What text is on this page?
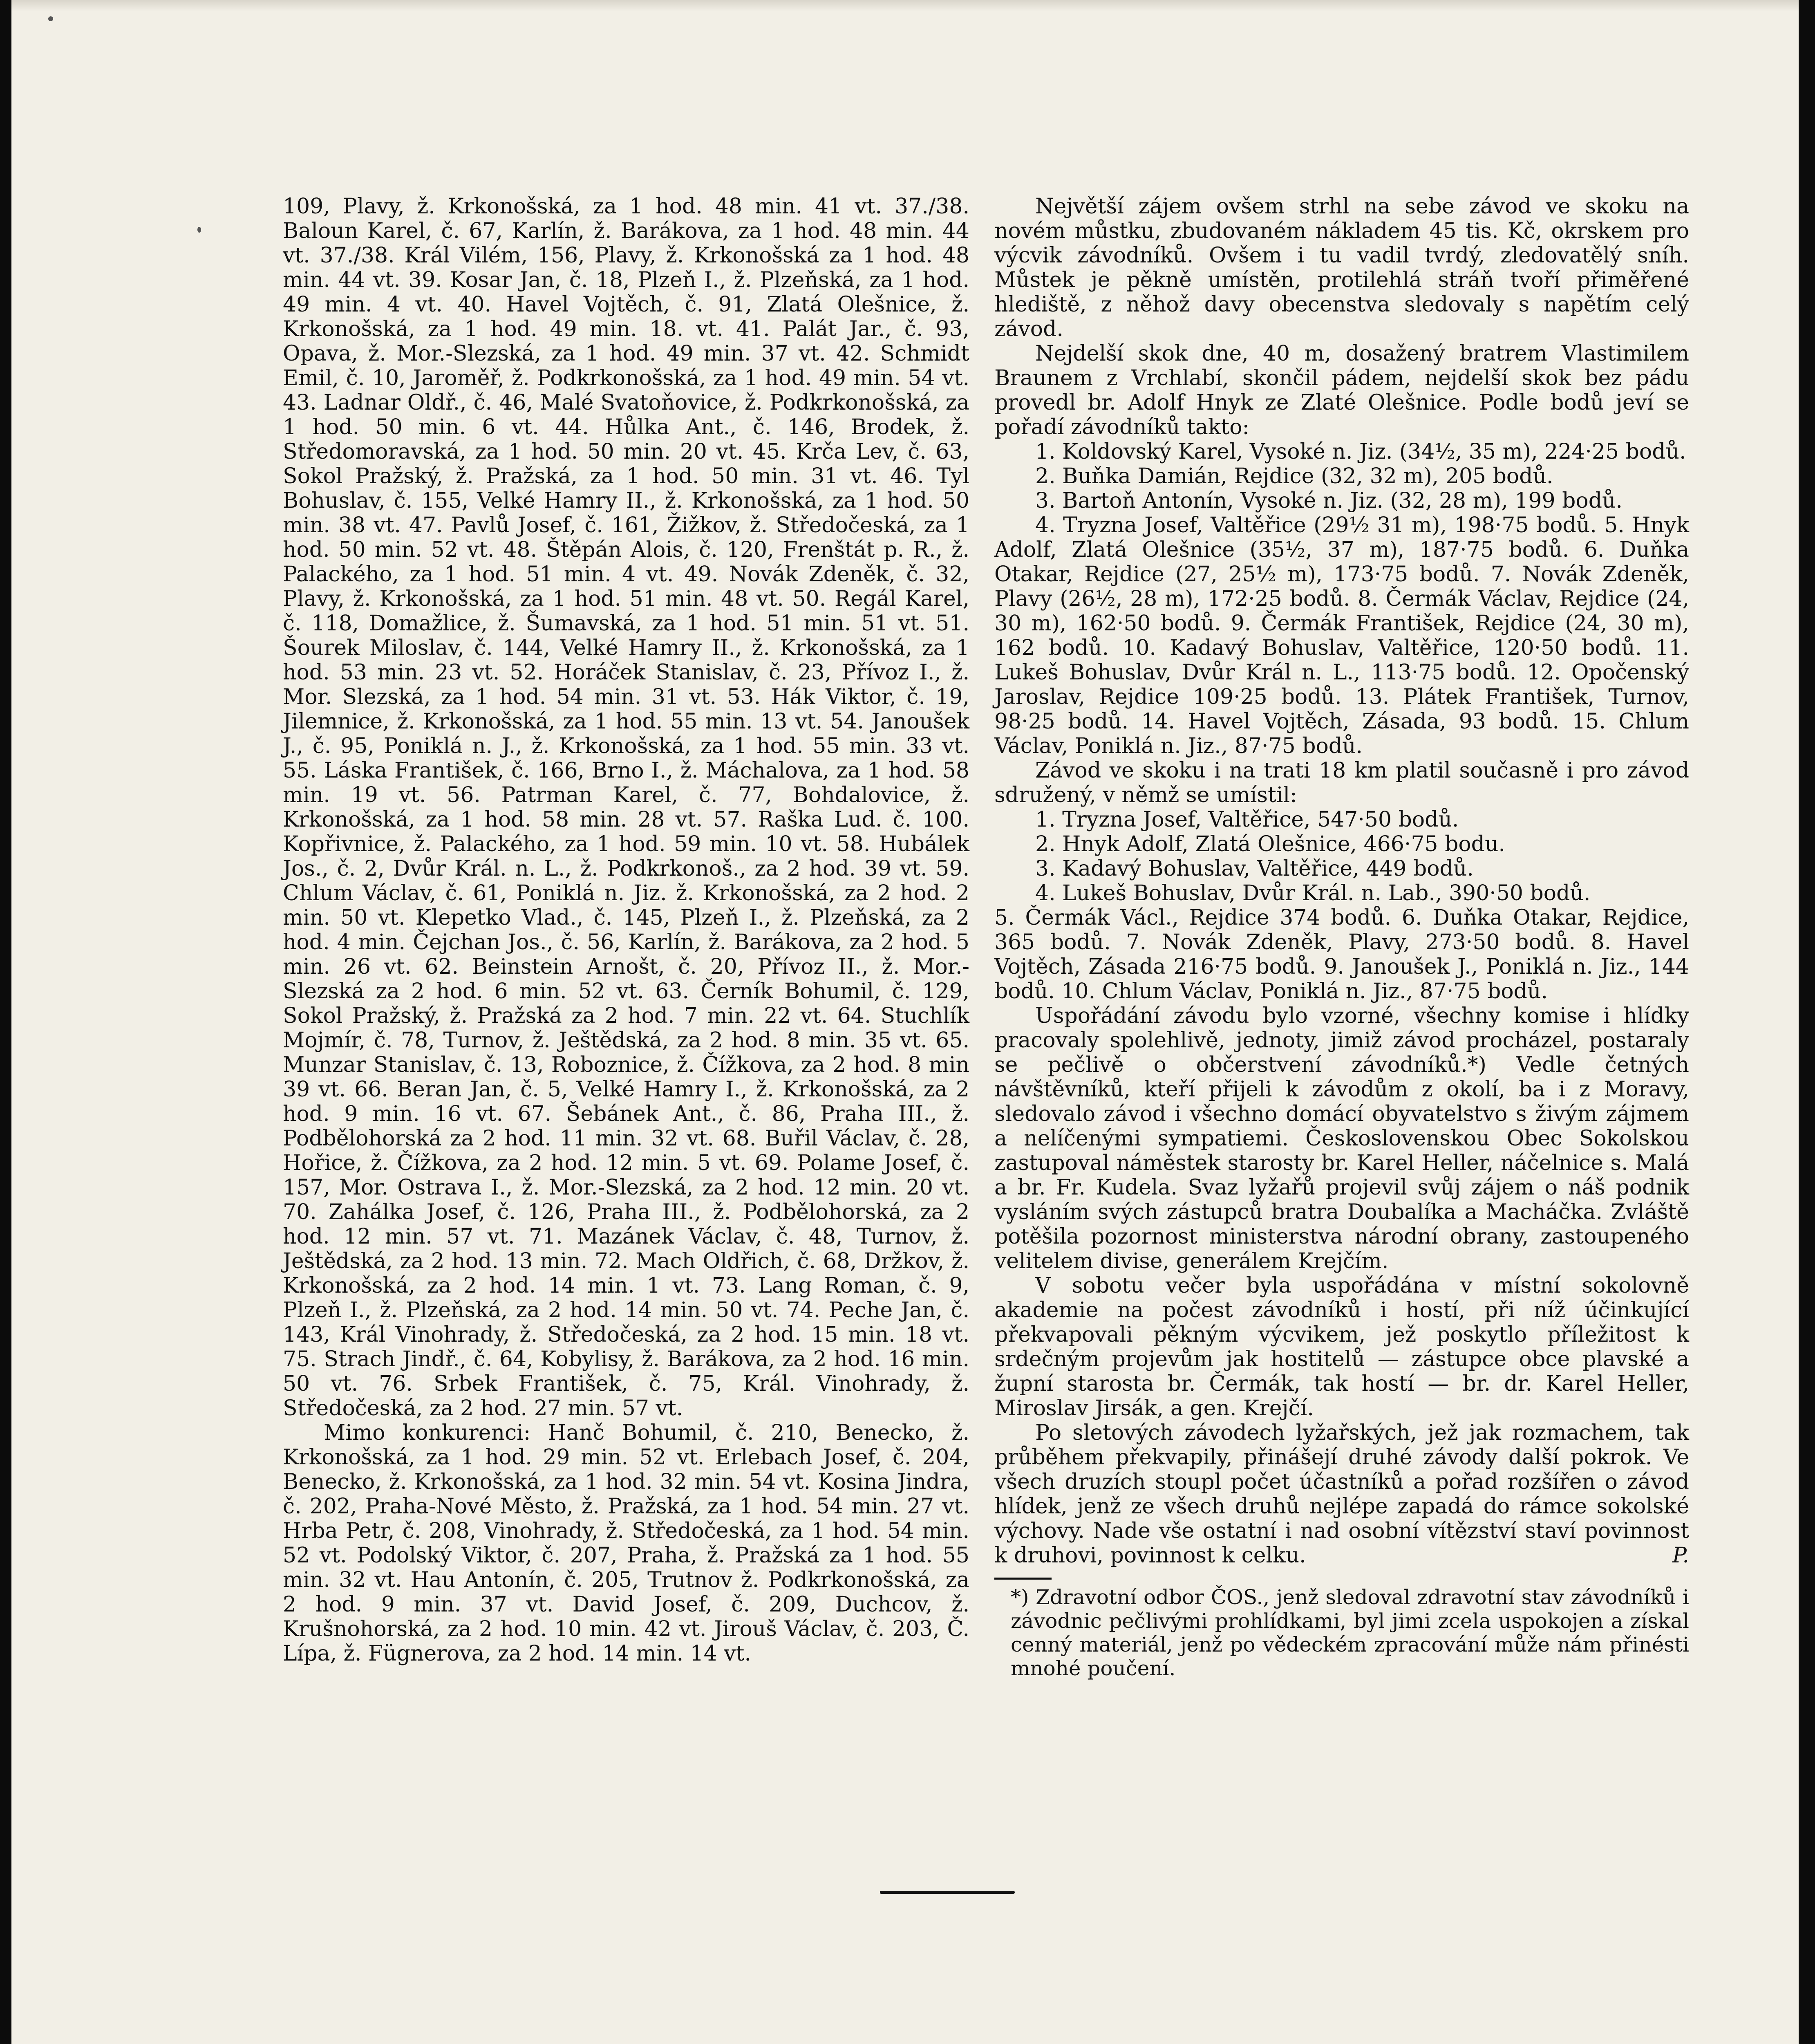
109, Plavy, ž. Krkonošská, za 1 hod. 48 min. 41 vt. 37./38. Baloun Karel, č. 67, Karlín, ž. Barákova, za 1 hod. 48 min. 44 vt. 37./38. Král Vilém, 156, Plavy, ž. Krkonošská za 1 hod. 48 min. 44 vt. 39. Kosar Jan, č. 18, Plzeň I., ž. Plzeňská, za 1 hod. 49 min. 4 vt. 40. Havel Vojtěch, č. 91, Zlatá Olešnice, ž. Krkonošská, za 1 hod. 49 min. 18. vt. 41. Palát Jar., č. 93, Opava, ž. Mor.-Slezská, za 1 hod. 49 min. 37 vt. 42. Schmidt Emil, č. 10, Jaroměř, ž. Podkrkonošská, za 1 hod. 49 min. 54 vt. 43. Ladnar Oldř., č. 46, Malé Svatoňovice, ž. Podkrkonošská, za 1 hod. 50 min. 6 vt. 44. Hůlka Ant., č. 146, Brodek, ž. Středomoravská, za 1 hod. 50 min. 20 vt. 45. Krča Lev, č. 63, Sokol Pražský, ž. Pražská, za 1 hod. 50 min. 31 vt. 46. Tyl Bohuslav, č. 155, Velké Hamry II., ž. Krkonošská, za 1 hod. 50 min. 38 vt. 47. Pavlů Josef, č. 161, Žižkov, ž. Středočeská, za 1 hod. 50 min. 52 vt. 48. Štěpán Alois, č. 120, Frenštát p. R., ž. Palackého, za 1 hod. 51 min. 4 vt. 49. Novák Zdeněk, č. 32, Plavy, ž. Krkonošská, za 1 hod. 51 min. 48 vt. 50. Regál Karel, č. 118, Domažlice, ž. Šumavská, za 1 hod. 51 min. 51 vt. 51. Šourek Miloslav, č. 144, Velké Hamry II., ž. Krkonošská, za 1 hod. 53 min. 23 vt. 52. Horáček Stanislav, č. 23, Přívoz I., ž. Mor. Slezská, za 1 hod. 54 min. 31 vt. 53. Hák Viktor, č. 19, Jilemnice, ž. Krkonošská, za 1 hod. 55 min. 13 vt. 54. Janoušek J., č. 95, Poniklá n. J., ž. Krkonošská, za 1 hod. 55 min. 33 vt. 55. Láska František, č. 166, Brno I., ž. Máchalova, za 1 hod. 58 min. 19 vt. 56. Patrman Karel, č. 77, Bohdalovice, ž. Krkonošská, za 1 hod. 58 min. 28 vt. 57. Raška Lud. č. 100. Kopřivnice, ž. Palackého, za 1 hod. 59 min. 10 vt. 58. Hubálek Jos., č. 2, Dvůr Král. n. L., ž. Podkrkonoš., za 2 hod. 39 vt. 59. Chlum Václav, č. 61, Poniklá n. Jiz. ž. Krkonošská, za 2 hod. 2 min. 50 vt. Klepetko Vlad., č. 145, Plzeň I., ž. Plzeňská, za 2 hod. 4 min. Čejchan Jos., č. 56, Karlín, ž. Barákova, za 2 hod. 5 min. 26 vt. 62. Beinstein Arnošt, č. 20, Přívoz II., ž. Mor.-Slezská za 2 hod. 6 min. 52 vt. 63. Černík Bohumil, č. 129, Sokol Pražský, ž. Pražská za 2 hod. 7 min. 22 vt. 64. Stuchlík Mojmír, č. 78, Turnov, ž. Ještědská, za 2 hod. 8 min. 35 vt. 65. Munzar Stanislav, č. 13, Roboznice, ž. Čížkova, za 2 hod. 8 min 39 vt. 66. Beran Jan, č. 5, Velké Hamry I., ž. Krkonošská, za 2 hod. 9 min. 16 vt. 67. Šebánek Ant., č. 86, Praha III., ž. Podbělohorská za 2 hod. 11 min. 32 vt. 68. Buřil Václav, č. 28, Hořice, ž. Čížkova, za 2 hod. 12 min. 5 vt. 69. Polame Josef, č. 157, Mor. Ostrava I., ž. Mor.-Slezská, za 2 hod. 12 min. 20 vt. 70. Zahálka Josef, č. 126, Praha III., ž. Podbělohorská, za 2 hod. 12 min. 57 vt. 71. Mazánek Václav, č. 48, Turnov, ž. Ještědská, za 2 hod. 13 min. 72. Mach Oldřich, č. 68, Držkov, ž. Krkonošská, za 2 hod. 14 min. 1 vt. 73. Lang Roman, č. 9, Plzeň I., ž. Plzeňská, za 2 hod. 14 min. 50 vt. 74. Peche Jan, č. 143, Král Vinohrady, ž. Středočeská, za 2 hod. 15 min. 18 vt. 75. Strach Jindř., č. 64, Kobylisy, ž. Barákova, za 2 hod. 16 min. 50 vt. 76. Srbek František, č. 75, Král. Vinohrady, ž. Středočeská, za 2 hod. 27 min. 57 vt.

Mimo konkurenci: Hanč Bohumil, č. 210, Benecko, ž. Krkonošská, za 1 hod. 29 min. 52 vt. Erlebach Josef, č. 204, Benecko, ž. Krkonošská, za 1 hod. 32 min. 54 vt. Kosina Jindra, č. 202, Praha-Nové Město, ž. Pražská, za 1 hod. 54 min. 27 vt. Hrba Petr, č. 208, Vinohrady, ž. Středočeská, za 1 hod. 54 min. 52 vt. Podolský Viktor, č. 207, Praha, ž. Pražská za 1 hod. 55 min. 32 vt. Hau Antonín, č. 205, Trutnov ž. Podkrkonošská, za 2 hod. 9 min. 37 vt. David Josef, č. 209, Duchcov, ž. Krušnohorská, za 2 hod. 10 min. 42 vt. Jirouš Václav, č. 203, Č. Lípa, ž. Fügnerova, za 2 hod. 14 min. 14 vt.

Největší zájem ovšem strhl na sebe závod ve skoku na novém můstku, zbudovaném nákladem 45 tis. Kč, okrskem pro výcvik závodníků. Ovšem i tu vadil tvrdý, zledovatělý sníh. Můstek je pěkně umístěn, protilehlá stráň tvoří přiměřené hlediště, z něhož davy obecenstva sledovaly s napětím celý závod.

Nejdelší skok dne, 40 m, dosažený bratrem Vlastimilem Braunem z Vrchlabí, skončil pádem, nejdelší skok bez pádu provedl br. Adolf Hnyk ze Zlaté Olešnice. Podle bodů jeví se pořadí závodníků takto:

1. Koldovský Karel, Vysoké n. Jiz. (34½, 35 m), 224·25 bodů.

2. Buňka Damián, Rejdice (32, 32 m), 205 bodů.

3. Bartoň Antonín, Vysoké n. Jiz. (32, 28 m), 199 bodů.

4. Tryzna Josef, Valtěřice (29½ 31 m), 198·75 bodů. 5. Hnyk Adolf, Zlatá Olešnice (35½, 37 m), 187·75 bodů. 6. Duňka Otakar, Rejdice (27, 25½ m), 173·75 bodů. 7. Novák Zdeněk, Plavy (26½, 28 m), 172·25 bodů. 8. Čermák Václav, Rejdice (24, 30 m), 162·50 bodů. 9. Čermák František, Rejdice (24, 30 m), 162 bodů. 10. Kadavý Bohuslav, Valtěřice, 120·50 bodů. 11. Lukeš Bohuslav, Dvůr Král n. L., 113·75 bodů. 12. Opočenský Jaroslav, Rejdice 109·25 bodů. 13. Plátek František, Turnov, 98·25 bodů. 14. Havel Vojtěch, Zásada, 93 bodů. 15. Chlum Václav, Poniklá n. Jiz., 87·75 bodů.

Závod ve skoku i na trati 18 km platil současně i pro závod sdružený, v němž se umístil:

1. Tryzna Josef, Valtěřice, 547·50 bodů.

2. Hnyk Adolf, Zlatá Olešnice, 466·75 bodu.

3. Kadavý Bohuslav, Valtěřice, 449 bodů.

4. Lukeš Bohuslav, Dvůr Král. n. Lab., 390·50 bodů.

5. Čermák Václ., Rejdice 374 bodů. 6. Duňka Otakar, Rejdice, 365 bodů. 7. Novák Zdeněk, Plavy, 273·50 bodů. 8. Havel Vojtěch, Zásada 216·75 bodů. 9. Janoušek J., Poniklá n. Jiz., 144 bodů. 10. Chlum Václav, Poniklá n. Jiz., 87·75 bodů.

Uspořádání závodu bylo vzorné, všechny komise i hlídky pracovaly spolehlivě, jednoty, jimiž závod procházel, postaraly se pečlivě o občerstvení závodníků.*) Vedle četných návštěvníků, kteří přijeli k závodům z okolí, ba i z Moravy, sledovalo závod i všechno domácí obyvatelstvo s živým zájmem a nelíčenými sympatiemi. Československou Obec Sokolskou zastupoval náměstek starosty br. Karel Heller, náčelnice s. Malá a br. Fr. Kudela. Svaz lyžařů projevil svůj zájem o náš podnik vysláním svých zástupců bratra Doubalíka a Macháčka. Zvláště potěšila pozornost ministerstva národní obrany, zastoupeného velitelem divise, generálem Krejčím.

V sobotu večer byla uspořádána v místní sokolovně akademie na počest závodníků i hostí, při níž účinkující překvapovali pěkným výcvikem, jež poskytlo příležitost k srdečným projevům jak hostitelů — zástupce obce plavské a župní starosta br. Čermák, tak hostí — br. dr. Karel Heller, Miroslav Jirsák, a gen. Krejčí.

Po sletových závodech lyžařských, jež jak rozmachem, tak průběhem překvapily, přinášejí druhé závody další pokrok. Ve všech druzích stoupl počet účastníků a pořad rozšířen o závod hlídek, jenž ze všech druhů nejlépe zapadá do rámce sokolské výchovy. Nade vše ostatní i nad osobní vítězství staví povinnost k druhovi, povinnost k celku.	P.

*) Zdravotní odbor ČOS., jenž sledoval zdravotní stav závodníků i závodnic pečlivými prohlídkami, byl jimi zcela uspokojen a získal cenný materiál, jenž po vědeckém zpracování může nám přinésti mnohé poučení.
